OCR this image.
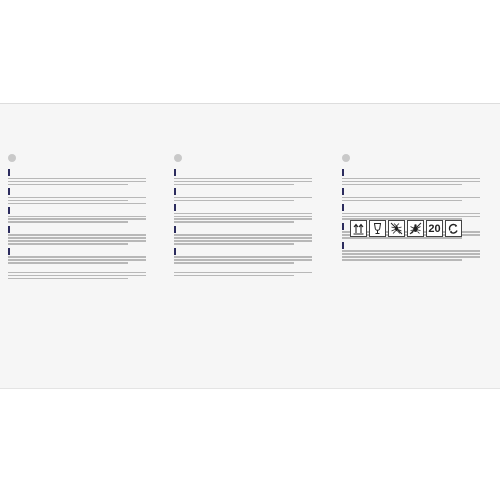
20
